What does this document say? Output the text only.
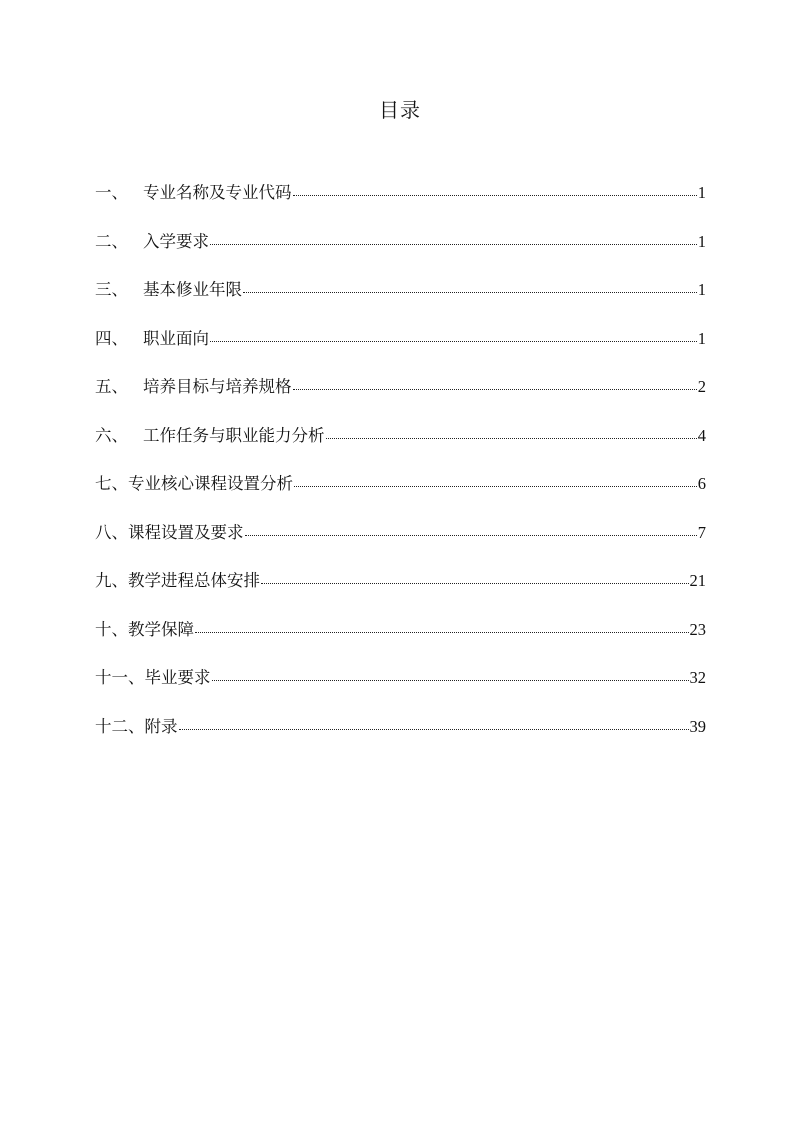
目录
一、 专业名称及专业代码	1
二、 入学要求	1
三、 基本修业年限	1
四、 职业面向	1
五、 培养目标与培养规格	2
六、 工作任务与职业能力分析	4
七、 专业核心课程设置分析	6
八、 课程设置及要求	7
九、 教学进程总体安排	21
十、 教学保障	23
十一、 毕业要求	32
十二、 附录	39
